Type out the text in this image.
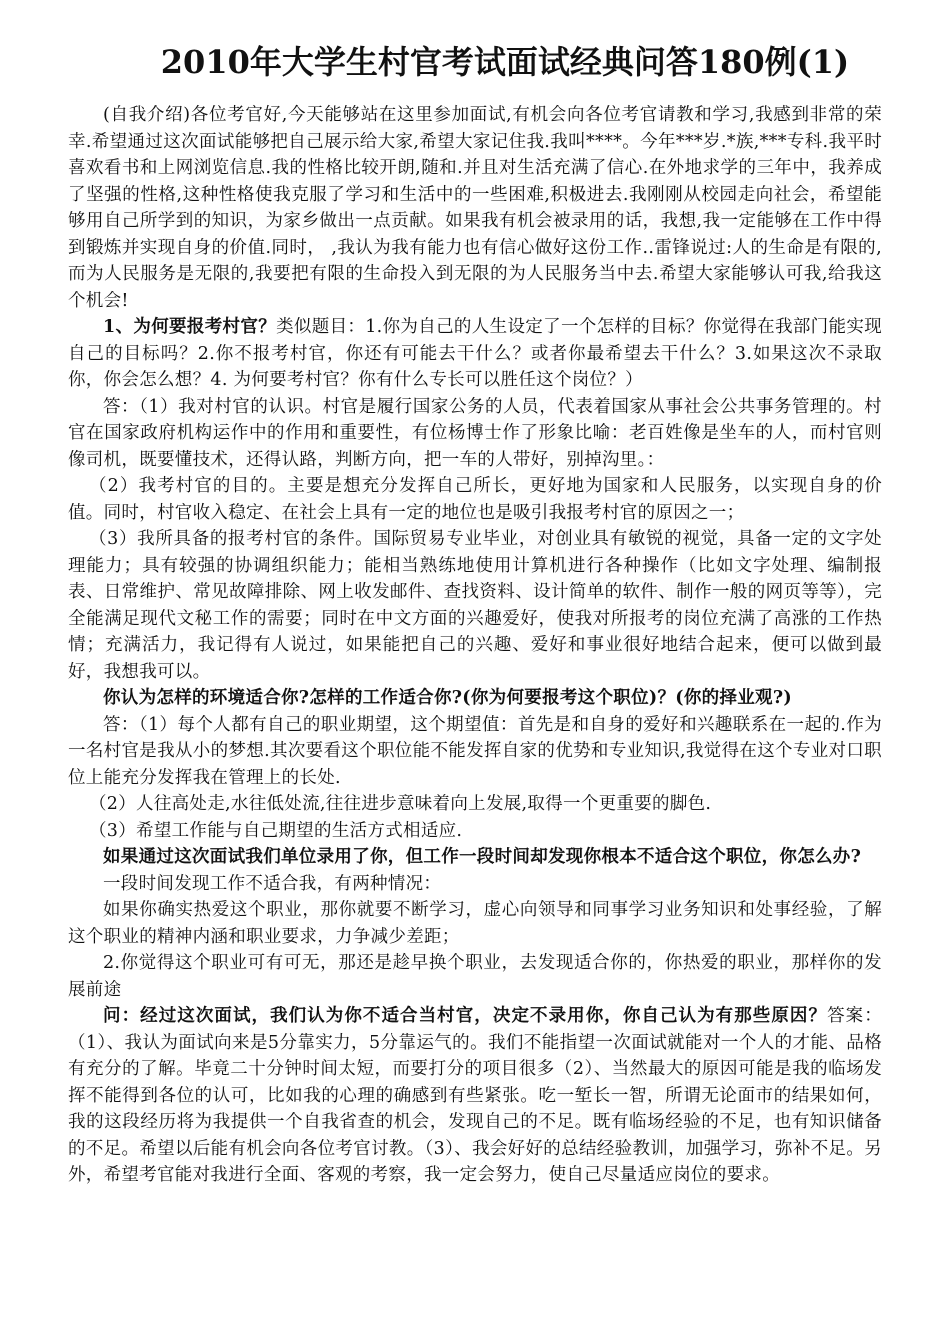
2010年大学生村官考试面试经典问答180例(1)

(自我介绍)各位考官好,今天能够站在这里参加面试,有机会向各位考官请教和学习,我感到非常的荣幸.希望通过这次面试能够把自己展示给大家,希望大家记住我.我叫****。今年***岁.*族,***专科.我平时喜欢看书和上网浏览信息.我的性格比较开朗,随和.并且对生活充满了信心.在外地求学的三年中，我养成了坚强的性格,这种性格使我克服了学习和生活中的一些困难,积极进去.我刚刚从校园走向社会，希望能够用自己所学到的知识，为家乡做出一点贡献。如果我有机会被录用的话，我想,我一定能够在工作中得到锻炼并实现自身的价值.同时， ,我认为我有能力也有信心做好这份工作..雷锋说过:人的生命是有限的,而为人民服务是无限的,我要把有限的生命投入到无限的为人民服务当中去.希望大家能够认可我,给我这个机会!

1、为何要报考村官？类似题目：1.你为自己的人生设定了一个怎样的目标？你觉得在我部门能实现自己的目标吗？2.你不报考村官，你还有可能去干什么？或者你最希望去干什么？3.如果这次不录取你，你会怎么想？4. 为何要考村官？你有什么专长可以胜任这个岗位？）

答：（1）我对村官的认识。村官是履行国家公务的人员，代表着国家从事社会公共事务管理的。村官在国家政府机构运作中的作用和重要性，有位杨博士作了形象比喻：老百姓像是坐车的人，而村官则像司机，既要懂技术，还得认路，判断方向，把一车的人带好，别掉沟里。：

（2）我考村官的目的。主要是想充分发挥自己所长，更好地为国家和人民服务，以实现自身的价值。同时，村官收入稳定、在社会上具有一定的地位也是吸引我报考村官的原因之一；

（3）我所具备的报考村官的条件。国际贸易专业毕业，对创业具有敏锐的视觉，具备一定的文字处理能力；具有较强的协调组织能力；能相当熟练地使用计算机进行各种操作（比如文字处理、编制报表、日常维护、常见故障排除、网上收发邮件、查找资料、设计简单的软件、制作一般的网页等等），完全能满足现代文秘工作的需要；同时在中文方面的兴趣爱好，使我对所报考的岗位充满了高涨的工作热情；充满活力，我记得有人说过，如果能把自己的兴趣、爱好和事业很好地结合起来，便可以做到最好，我想我可以。

你认为怎样的环境适合你?怎样的工作适合你?(你为何要报考这个职位)？(你的择业观?)

答：（1）每个人都有自己的职业期望，这个期望值：首先是和自身的爱好和兴趣联系在一起的.作为一名村官是我从小的梦想.其次要看这个职位能不能发挥自家的优势和专业知识,我觉得在这个专业对口职位上能充分发挥我在管理上的长处.

（2）人往高处走,水往低处流,往往进步意味着向上发展,取得一个更重要的脚色.

（3）希望工作能与自己期望的生活方式相适应.

如果通过这次面试我们单位录用了你，但工作一段时间却发现你根本不适合这个职位，你怎么办?

一段时间发现工作不适合我，有两种情况：

如果你确实热爱这个职业，那你就要不断学习，虚心向领导和同事学习业务知识和处事经验，了解这个职业的精神内涵和职业要求，力争减少差距；

2.你觉得这个职业可有可无，那还是趁早换个职业，去发现适合你的，你热爱的职业，那样你的发展前途

问：经过这次面试，我们认为你不适合当村官，决定不录用你，你自己认为有那些原因？答案：（1）、我认为面试向来是5分靠实力，5分靠运气的。我们不能指望一次面试就能对一个人的才能、品格有充分的了解。毕竟二十分钟时间太短，而要打分的项目很多（2）、当然最大的原因可能是我的临场发挥不能得到各位的认可，比如我的心理的确感到有些紧张。吃一堑长一智，所谓无论面市的结果如何，我的这段经历将为我提供一个自我省查的机会，发现自己的不足。既有临场经验的不足，也有知识储备的不足。希望以后能有机会向各位考官讨教。（3）、我会好好的总结经验教训，加强学习，弥补不足。另外，希望考官能对我进行全面、客观的考察，我一定会努力，使自己尽量适应岗位的要求。
